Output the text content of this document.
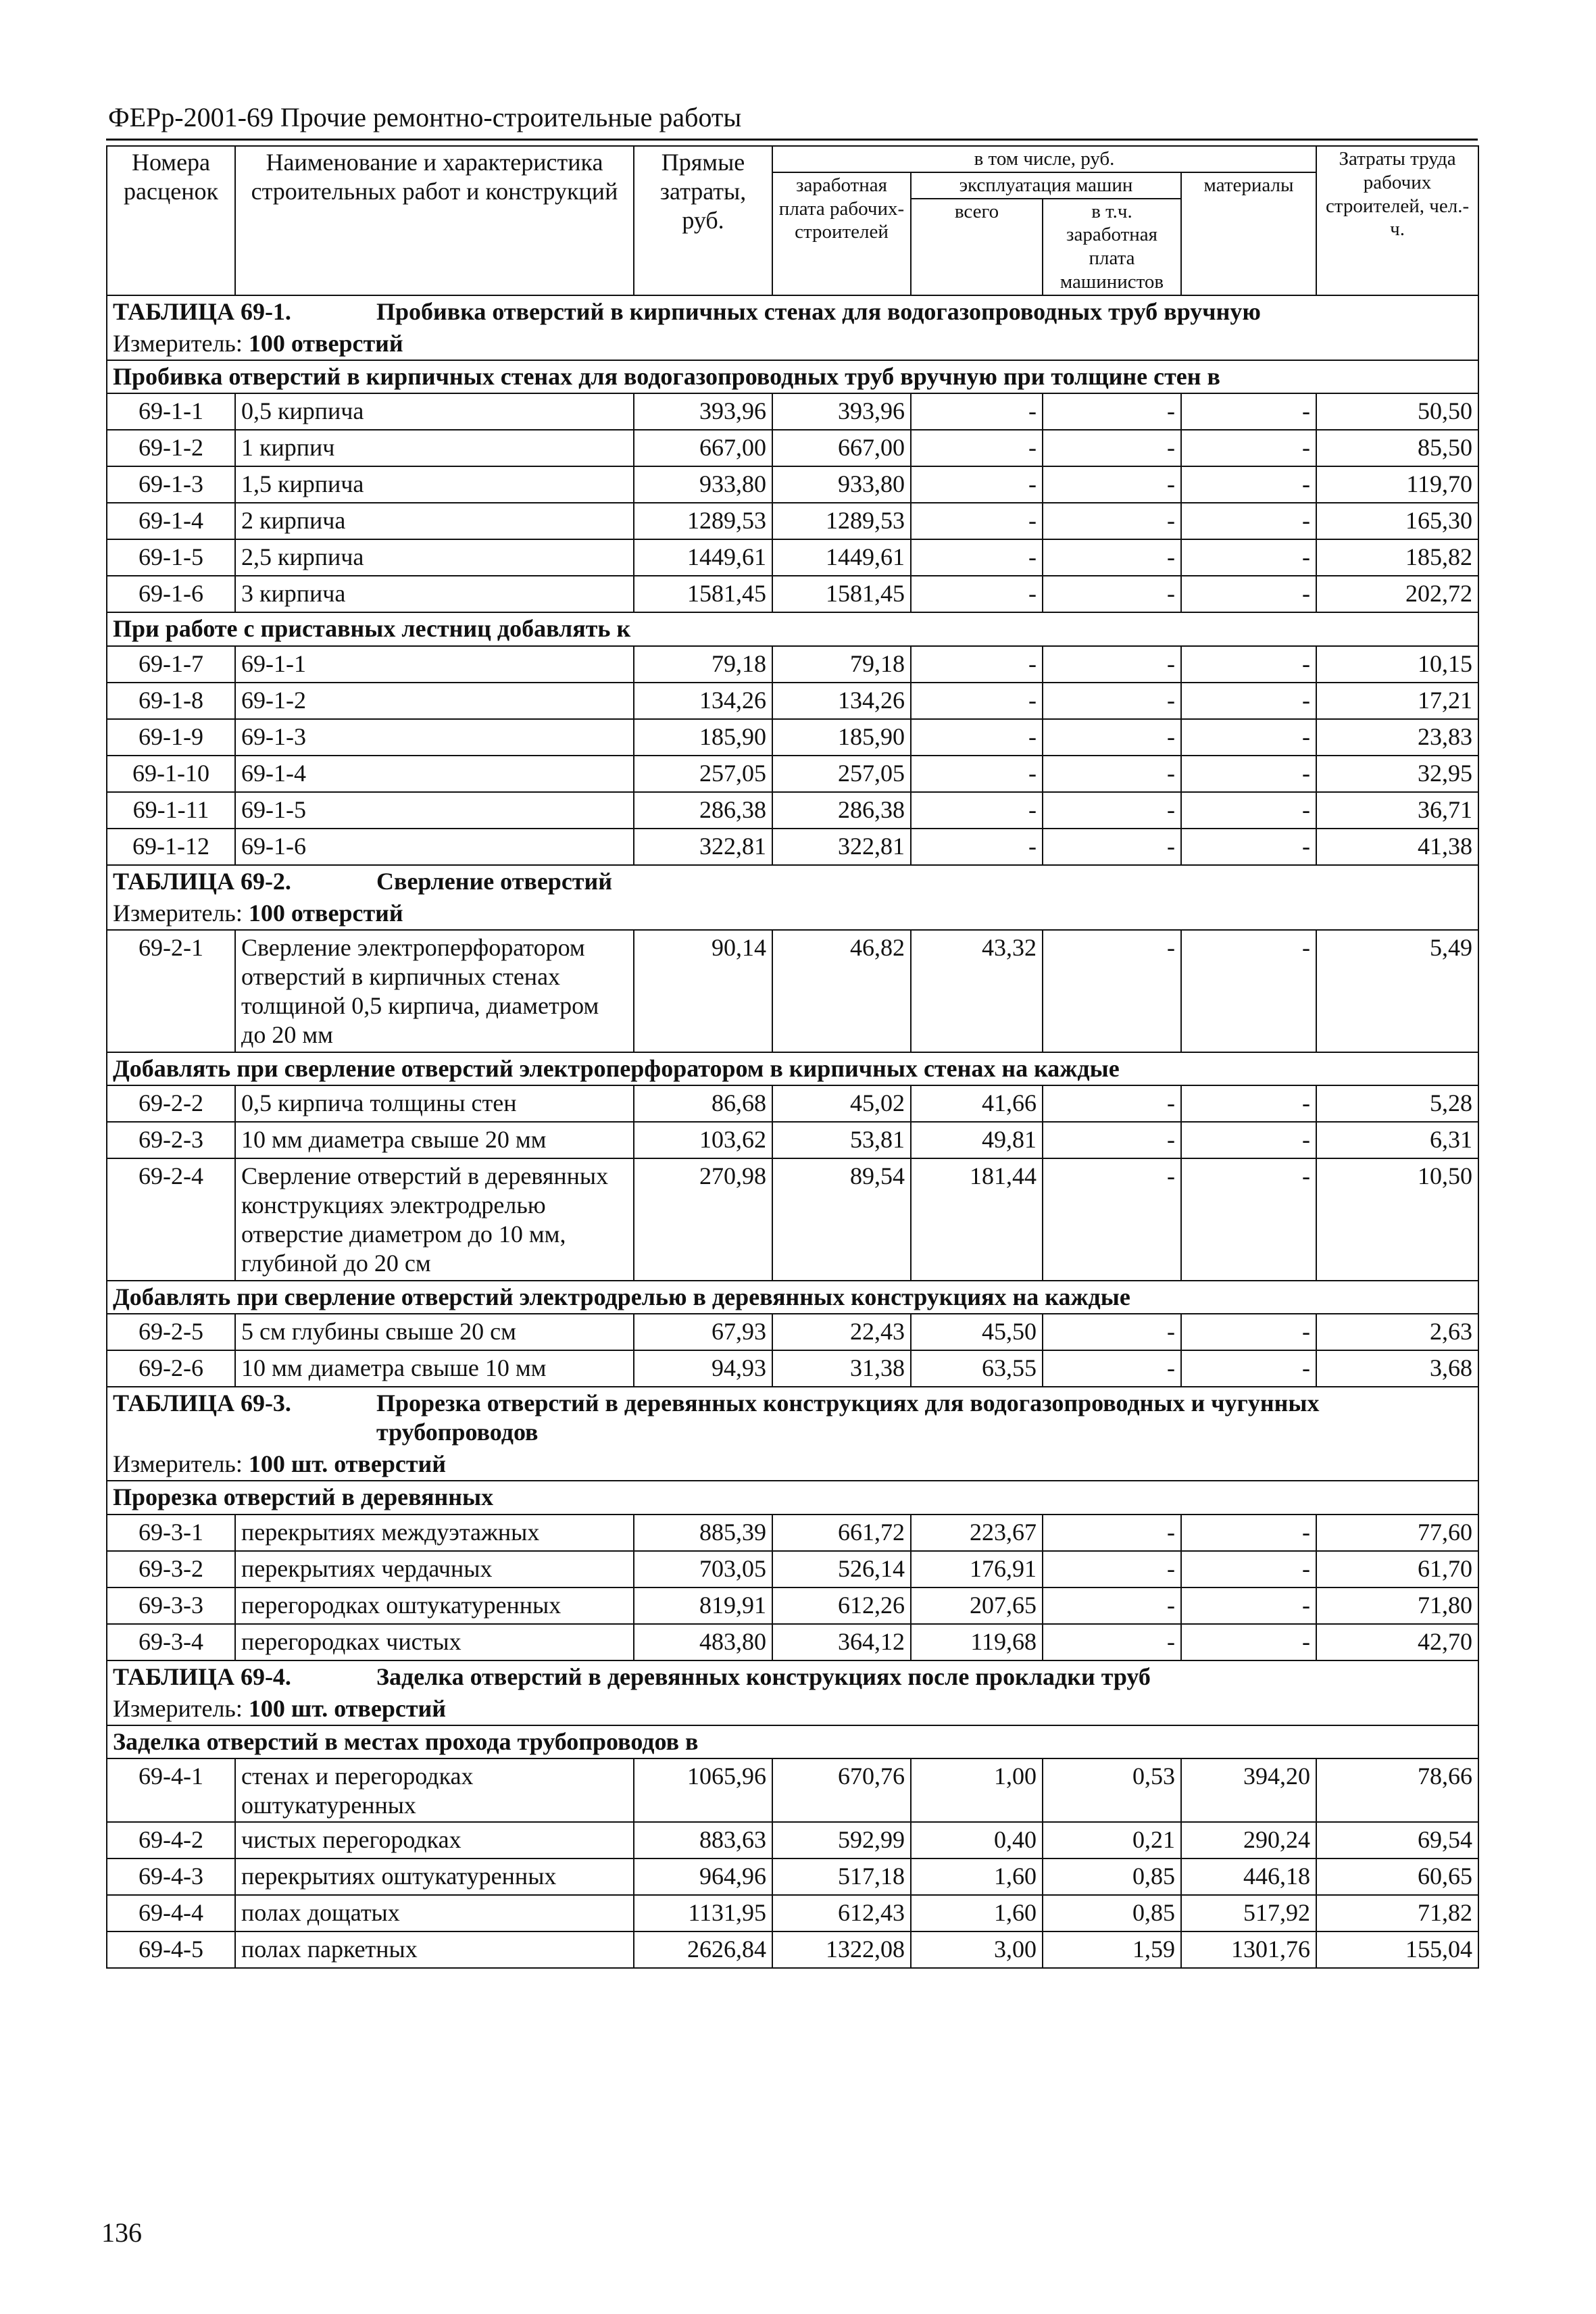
ФЕРр-2001-69 Прочие ремонтно-строительные работы
Номера расценок	Наименование и характеристика строительных работ и конструкций	Прямые затраты, руб.	в том числе, руб.				Затраты труда рабочих строителей, чел.-ч.
			заработная плата рабочих-строителей	эксплуатация машин		материалы	
				всего	в т.ч. заработная плата машинистов		
ТАБЛИЦА 69-1. Пробивка отверстий в кирпичных стенах для водогазопроводных труб вручную							
Измеритель: 100 отверстий							
Пробивка отверстий в кирпичных стенах для водогазопроводных труб вручную при толщине стен в							
69-1-1	0,5 кирпича	393,96	393,96	-	-	-	50,50
69-1-2	1 кирпич	667,00	667,00	-	-	-	85,50
69-1-3	1,5 кирпича	933,80	933,80	-	-	-	119,70
69-1-4	2 кирпича	1289,53	1289,53	-	-	-	165,30
69-1-5	2,5 кирпича	1449,61	1449,61	-	-	-	185,82
69-1-6	3 кирпича	1581,45	1581,45	-	-	-	202,72
При работе с приставных лестниц добавлять к							
69-1-7	69-1-1	79,18	79,18	-	-	-	10,15
69-1-8	69-1-2	134,26	134,26	-	-	-	17,21
69-1-9	69-1-3	185,90	185,90	-	-	-	23,83
69-1-10	69-1-4	257,05	257,05	-	-	-	32,95
69-1-11	69-1-5	286,38	286,38	-	-	-	36,71
69-1-12	69-1-6	322,81	322,81	-	-	-	41,38
ТАБЛИЦА 69-2. Сверление отверстий							
Измеритель: 100 отверстий							
69-2-1	Сверление электроперфоратором отверстий в кирпичных стенах толщиной 0,5 кирпича, диаметром до 20 мм	90,14	46,82	43,32	-	-	5,49
Добавлять при сверление отверстий электроперфоратором в кирпичных стенах на каждые							
69-2-2	0,5 кирпича толщины стен	86,68	45,02	41,66	-	-	5,28
69-2-3	10 мм диаметра свыше 20 мм	103,62	53,81	49,81	-	-	6,31
69-2-4	Сверление отверстий в деревянных конструкциях электродрелью отверстие диаметром до 10 мм, глубиной до 20 см	270,98	89,54	181,44	-	-	10,50
Добавлять при сверление отверстий электродрелью в деревянных конструкциях на каждые							
69-2-5	5 см глубины свыше 20 см	67,93	22,43	45,50	-	-	2,63
69-2-6	10 мм диаметра свыше 10 мм	94,93	31,38	63,55	-	-	3,68
ТАБЛИЦА 69-3. Прорезка отверстий в деревянных конструкциях для водогазопроводных и чугунных трубопроводов							
Измеритель: 100 шт. отверстий							
Прорезка отверстий в деревянных							
69-3-1	перекрытиях междуэтажных	885,39	661,72	223,67	-	-	77,60
69-3-2	перекрытиях чердачных	703,05	526,14	176,91	-	-	61,70
69-3-3	перегородках оштукатуренных	819,91	612,26	207,65	-	-	71,80
69-3-4	перегородках чистых	483,80	364,12	119,68	-	-	42,70
ТАБЛИЦА 69-4. Заделка отверстий в деревянных конструкциях после прокладки труб							
Измеритель: 100 шт. отверстий							
Заделка отверстий в местах прохода трубопроводов в							
69-4-1	стенах и перегородках оштукатуренных	1065,96	670,76	1,00	0,53	394,20	78,66
69-4-2	чистых перегородках	883,63	592,99	0,40	0,21	290,24	69,54
69-4-3	перекрытиях оштукатуренных	964,96	517,18	1,60	0,85	446,18	60,65
69-4-4	полах дощатых	1131,95	612,43	1,60	0,85	517,92	71,82
69-4-5	полах паркетных	2626,84	1322,08	3,00	1,59	1301,76	155,04
136
